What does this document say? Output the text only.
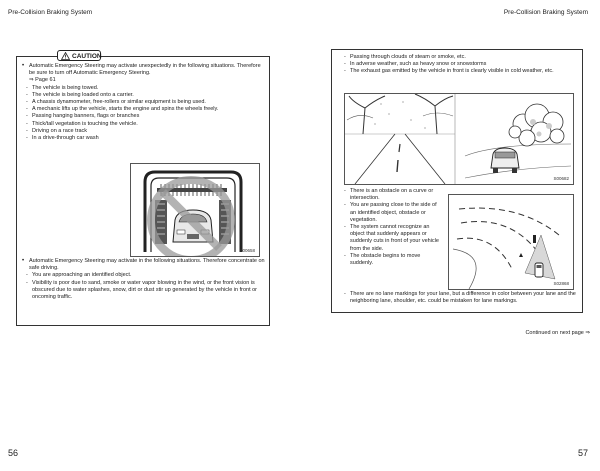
Pre-Collision Braking System

• Automatic Emergency Steering may activate unexpectedly in the following situations. Therefore be sure to turn off Automatic Emergency Steering.

⇒ Page 61

- The vehicle is being towed.

- The vehicle is being loaded onto a carrier.

- A chassis dynamometer, free-rollers or similar equipment is being used.

- A mechanic lifts up the vehicle, starts the engine and spins the wheels freely.

- Passing hanging banners, flags or branches

- Thick/tall vegetation is touching the vehicle.

- Driving on a race track

- In a drive-through car wash

S00658

• Automatic Emergency Steering may activate in the following situations. Therefore concentrate on safe driving.

- You are approaching an identified object.

- Visibility is poor due to sand, smoke or water vapor blowing in the wind, or the front vision is obscured due to water splashes, snow, dirt or dust stir up generated by the vehicle in front or oncoming traffic.

CAUTION
56
Pre-Collision Braking System

- Passing through clouds of steam or smoke, etc.

- In adverse weather, such as heavy snow or snowstorms

- The exhaust gas emitted by the vehicle in front is clearly visible in cold weather, etc.

S00682

- There is an obstacle on a curve or intersection.

- You are passing close to the side of an identified object, obstacle or vegetation.

- The system cannot recognize an object that suddenly appears or suddenly cuts in front of your vehicle from the side.

- The obstacle begins to move suddenly.

S02868

- There are no lane markings for your lane, but a difference in color between your lane and the neighboring lane, shoulder, etc. could be mistaken for lane markings.

Continued on next page ⇒
57
